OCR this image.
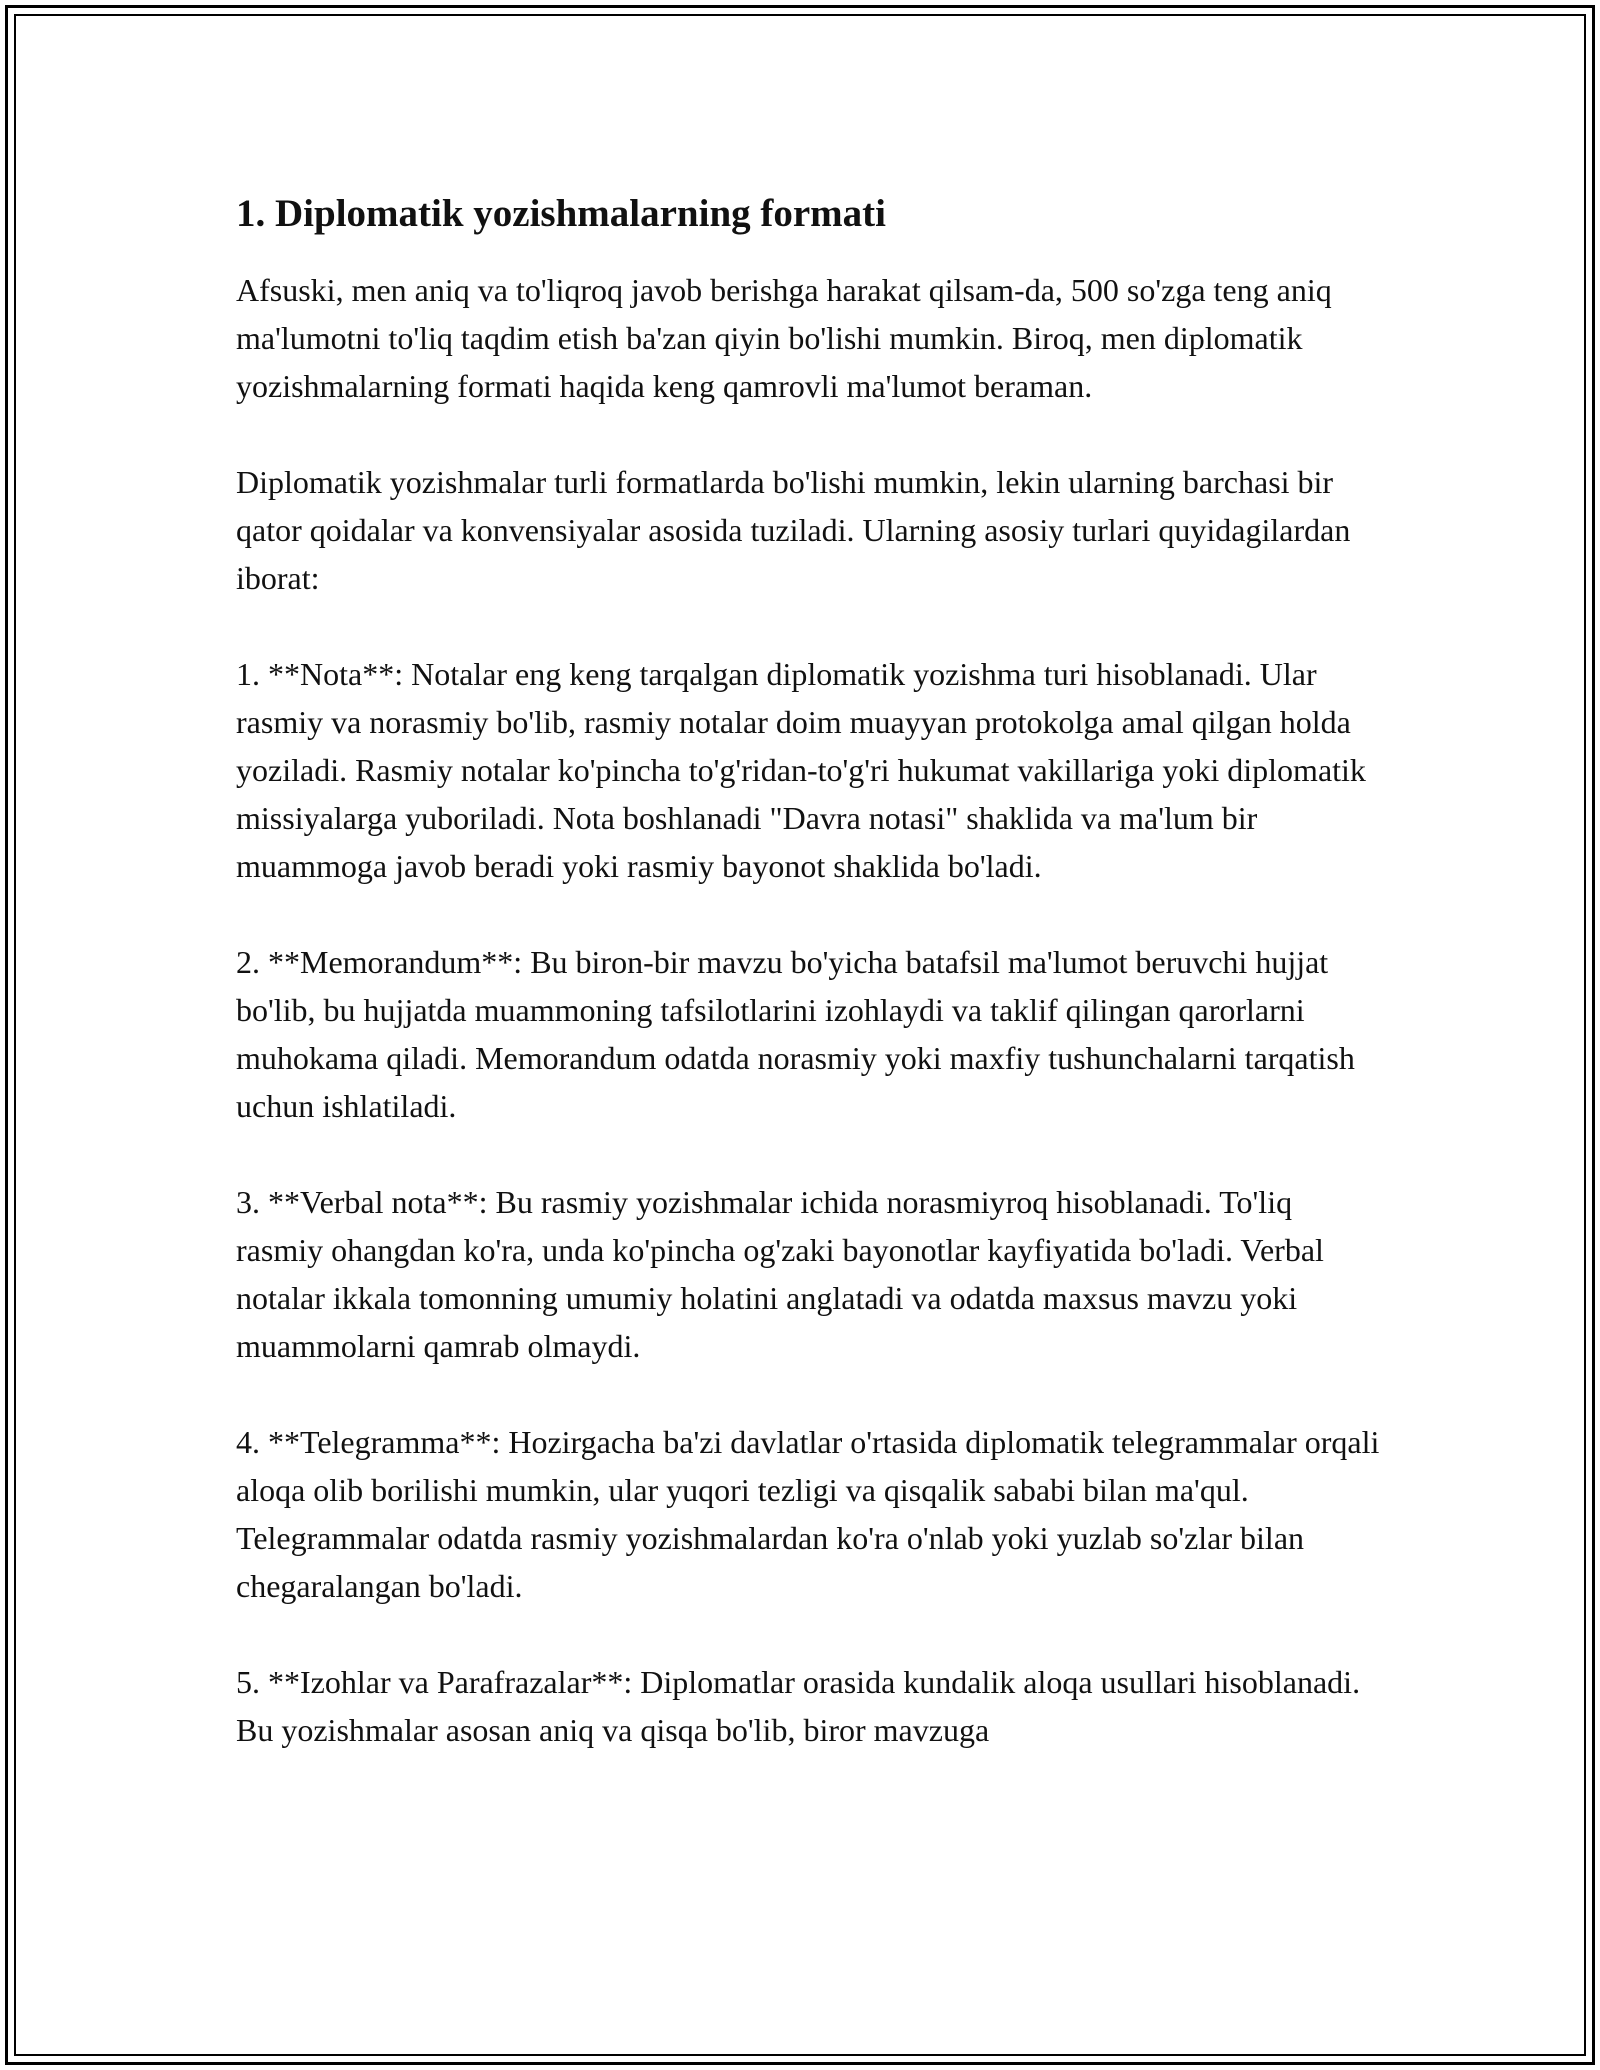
1. Diplomatik yozishmalarning formati

Afsuski, men aniq va to'liqroq javob berishga harakat qilsam-da, 500 so'zga teng aniq ma'lumotni to'liq taqdim etish ba'zan qiyin bo'lishi mumkin. Biroq, men diplomatik yozishmalarning formati haqida keng qamrovli ma'lumot beraman.

Diplomatik yozishmalar turli formatlarda bo'lishi mumkin, lekin ularning barchasi bir qator qoidalar va konvensiyalar asosida tuziladi. Ularning asosiy turlari quyidagilardan iborat:

1. **Nota**: Notalar eng keng tarqalgan diplomatik yozishma turi hisoblanadi. Ular rasmiy va norasmiy bo'lib, rasmiy notalar doim muayyan protokolga amal qilgan holda yoziladi. Rasmiy notalar ko'pincha to'g'ridan-to'g'ri hukumat vakillariga yoki diplomatik missiyalarga yuboriladi. Nota boshlanadi "Davra notasi" shaklida va ma'lum bir muammoga javob beradi yoki rasmiy bayonot shaklida bo'ladi.

2. **Memorandum**: Bu biron-bir mavzu bo'yicha batafsil ma'lumot beruvchi hujjat bo'lib, bu hujjatda muammoning tafsilotlarini izohlaydi va taklif qilingan qarorlarni muhokama qiladi. Memorandum odatda norasmiy yoki maxfiy tushunchalarni tarqatish uchun ishlatiladi.

3. **Verbal nota**: Bu rasmiy yozishmalar ichida norasmiyroq hisoblanadi. To'liq rasmiy ohangdan ko'ra, unda ko'pincha og'zaki bayonotlar kayfiyatida bo'ladi. Verbal notalar ikkala tomonning umumiy holatini anglatadi va odatda maxsus mavzu yoki muammolarni qamrab olmaydi.

4. **Telegramma**: Hozirgacha ba'zi davlatlar o'rtasida diplomatik telegrammalar orqali aloqa olib borilishi mumkin, ular yuqori tezligi va qisqalik sababi bilan ma'qul. Telegrammalar odatda rasmiy yozishmalardan ko'ra o'nlab yoki yuzlab so'zlar bilan chegaralangan bo'ladi.

5. **Izohlar va Parafrazalar**: Diplomatlar orasida kundalik aloqa usullari hisoblanadi. Bu yozishmalar asosan aniq va qisqa bo'lib, biror mavzuga
